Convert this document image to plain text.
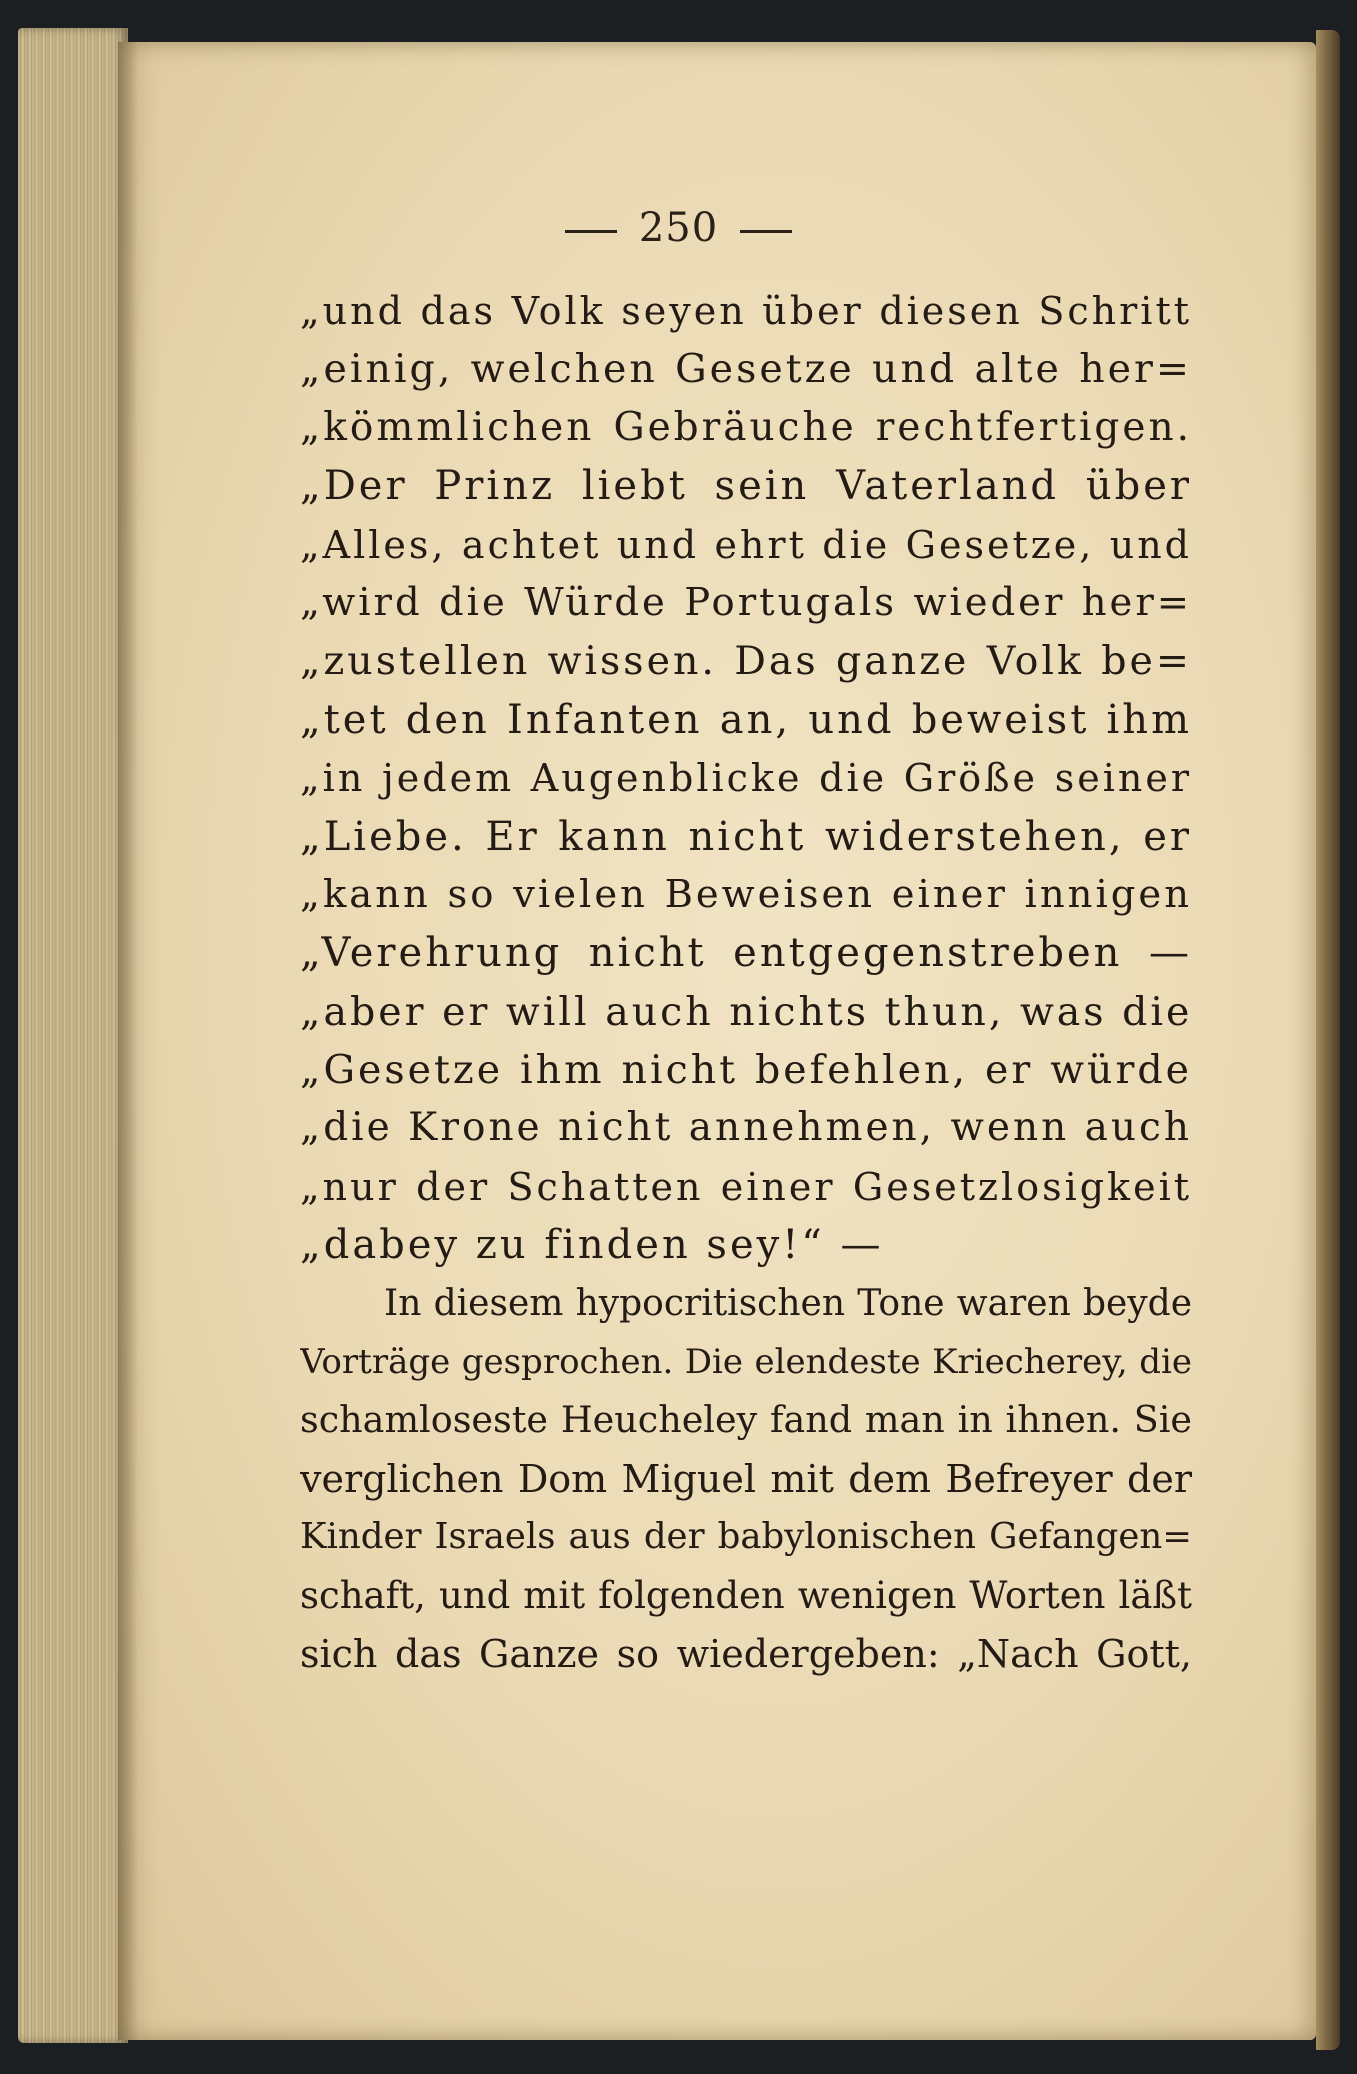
250
„und das Volk seyen über diesen Schritt
„einig, welchen Gesetze und alte her=
„kömmlichen Gebräuche rechtfertigen.
„Der Prinz liebt sein Vaterland über
„Alles, achtet und ehrt die Gesetze, und
„wird die Würde Portugals wieder her=
„zustellen wissen. Das ganze Volk be=
„tet den Infanten an, und beweist ihm
„in jedem Augenblicke die Größe seiner
„Liebe. Er kann nicht widerstehen, er
„kann so vielen Beweisen einer innigen
„Verehrung nicht entgegenstreben —
„aber er will auch nichts thun, was die
„Gesetze ihm nicht befehlen, er würde
„die Krone nicht annehmen, wenn auch
„nur der Schatten einer Gesetzlosigkeit
„dabey zu finden sey!“ —
In diesem hypocritischen Tone waren beyde
Vorträge gesprochen. Die elendeste Kriecherey, die
schamloseste Heucheley fand man in ihnen. Sie
verglichen Dom Miguel mit dem Befreyer der
Kinder Israels aus der babylonischen Gefangen=
schaft, und mit folgenden wenigen Worten läßt
sich das Ganze so wiedergeben: „Nach Gott,
